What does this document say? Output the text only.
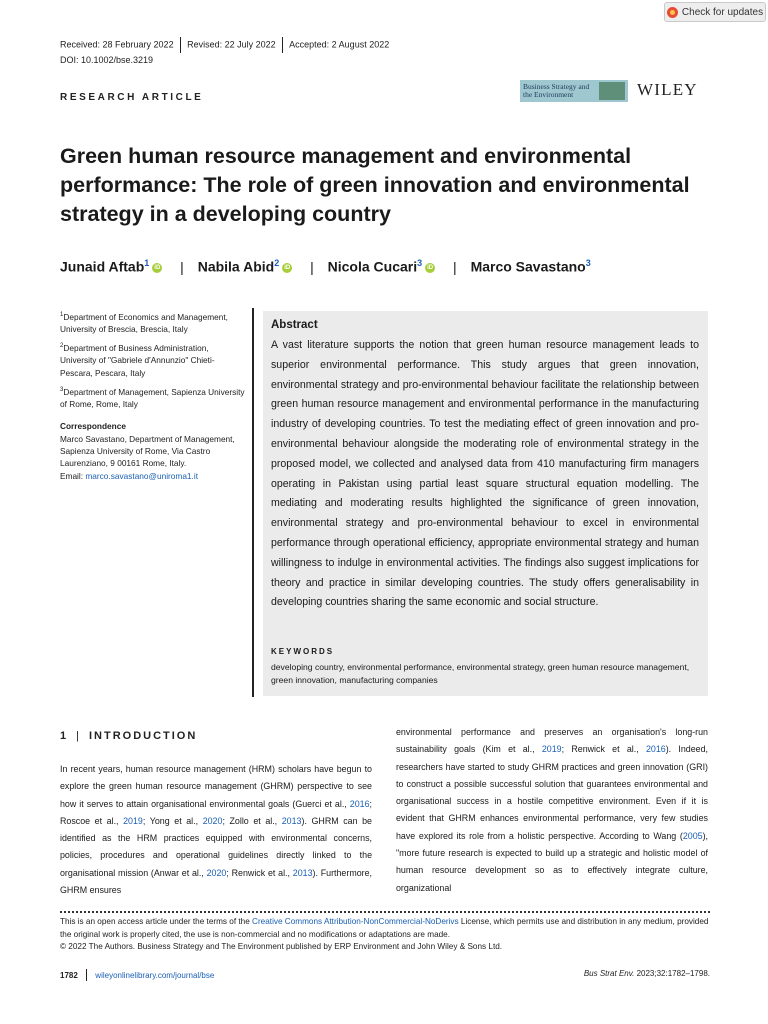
Check for updates
Received: 28 February 2022 Revised: 22 July 2022 Accepted: 2 August 2022
DOI: 10.1002/bse.3219
RESEARCH ARTICLE
Business Strategy and the Environment	WILEY
Green human resource management and environmental performance: The role of green innovation and environmental strategy in a developing country
Junaid Aftab$^1$ iD | Nabila Abid$^2$ iD | Nicola Cucari$^3$ iD | Marco Savastano$^3$

$^1$Department of Economics and Management, University of Brescia, Brescia, Italy

$^2$Department of Business Administration, University of "Gabriele d'Annunzio" Chieti-Pescara, Pescara, Italy

$^3$Department of Management, Sapienza University of Rome, Rome, Italy

Correspondence

Marco Savastano, Department of Management, Sapienza University of Rome, Via Castro Laurenziano, 9 00161 Rome, Italy.
Email: marco.savastano@uniroma1.it

Abstract
A vast literature supports the notion that green human resource management leads to superior environmental performance. This study argues that green innovation, environmental strategy and pro-environmental behaviour facilitate the relationship between green human resource management and environmental performance in the manufacturing industry of developing countries. To test the mediating effect of green innovation and pro-environmental behaviour alongside the moderating role of environmental strategy in the proposed model, we collected and analysed data from 410 manufacturing firm managers operating in Pakistan using partial least square structural equation modelling. The mediating and moderating results highlighted the significance of green innovation, environmental strategy and pro-environmental behaviour to excel in environmental performance through operational efficiency, appropriate environmental strategy and human willingness to indulge in environmental activities. The findings also suggest implications for theory and practice in similar developing countries. The study offers generalisability in developing countries sharing the same economic and social structure.
KEYWORDS
developing country, environmental performance, environmental strategy, green human resource management, green innovation, manufacturing companies
1 | INTRODUCTION
In recent years, human resource management (HRM) scholars have begun to explore the green human resource management (GHRM) perspective to see how it serves to attain organisational environmental goals (Guerci et al., 2016; Roscoe et al., 2019; Yong et al., 2020; Zollo et al., 2013). GHRM can be identified as the HRM practices equipped with environmental concerns, policies, procedures and operational guidelines directly linked to the organisational mission (Anwar et al., 2020; Renwick et al., 2013). Furthermore, GHRM ensures
environmental performance and preserves an organisation's long-run sustainability goals (Kim et al., 2019; Renwick et al., 2016). Indeed, researchers have started to study GHRM practices and green innovation (GRI) to construct a possible successful solution that guarantees environmental and organisational success in a hostile competitive environment. Even if it is evident that GHRM enhances environmental performance, very few studies have explored its role from a holistic perspective. According to Wang (2005), "more future research is expected to build up a strategic and holistic model of human resource development so as to effectively integrate culture, organizational
This is an open access article under the terms of the Creative Commons Attribution-NonCommercial-NoDerivs License, which permits use and distribution in any medium, provided the original work is properly cited, the use is non-commercial and no modifications or adaptations are made.
© 2022 The Authors. Business Strategy and The Environment published by ERP Environment and John Wiley & Sons Ltd.
1782 wileyonlinelibrary.com/journal/bse	Bus Strat Env. 2023;32:1782–1798.
